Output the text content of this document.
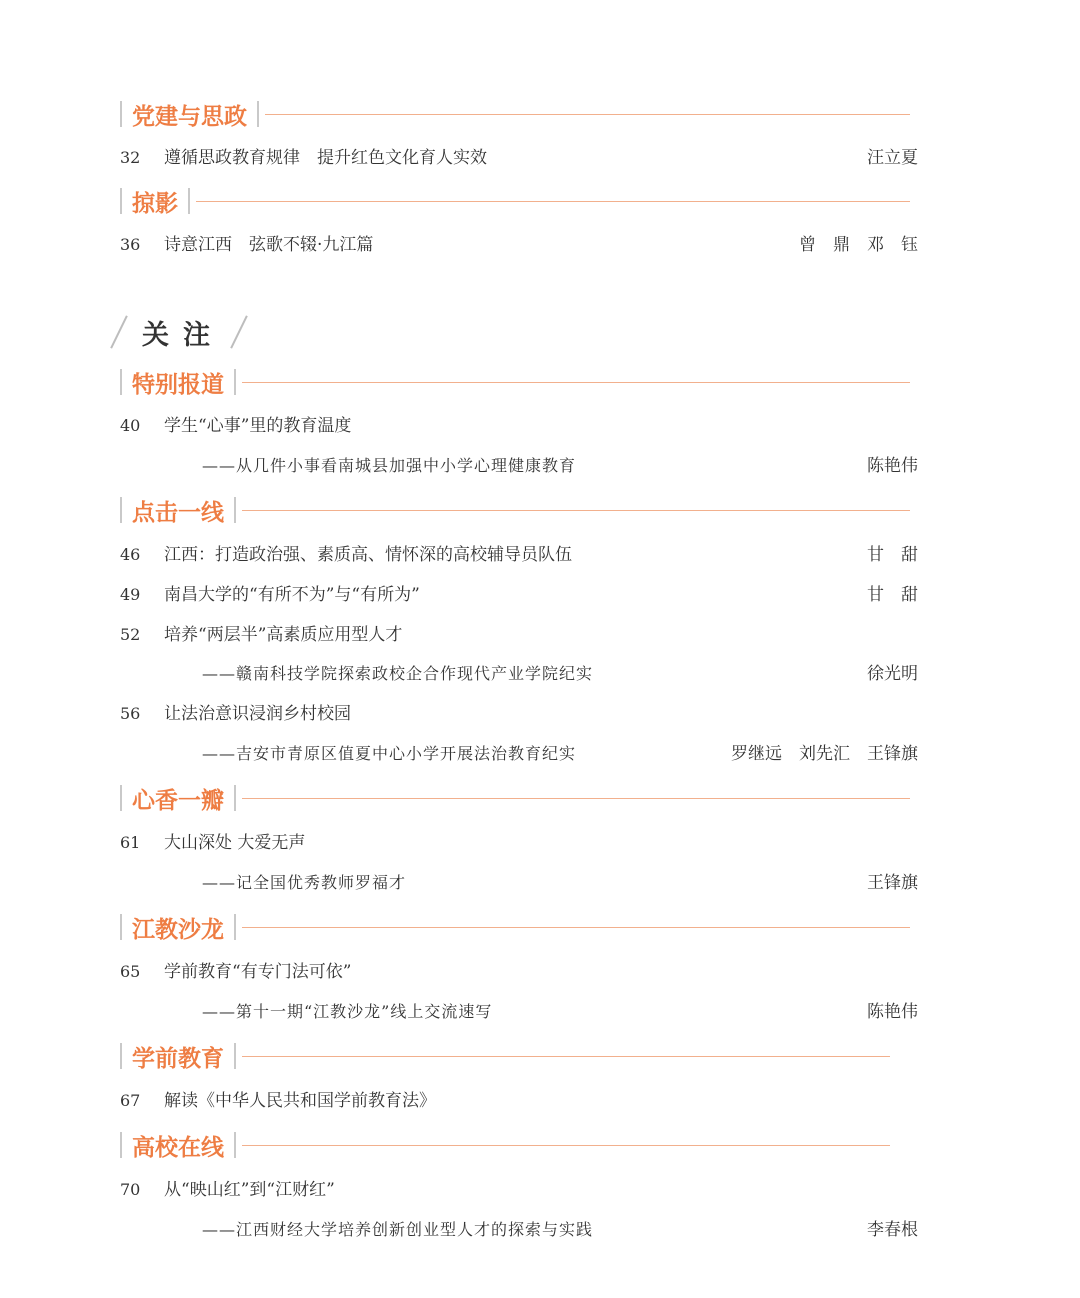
党建与思政
32	遵循思政教育规律　提升红色文化育人实效	汪立夏
掠影
36	诗意江西　弦歌不辍·九江篇	曾　鼎　邓　钰
关注
特别报道
40	学生“心事”里的教育温度
——从几件小事看南城县加强中小学心理健康教育	陈艳伟
点击一线
46	江西：打造政治强、素质高、情怀深的高校辅导员队伍	甘　甜
49	南昌大学的“有所不为”与“有所为”	甘　甜
52	培养“两层半”高素质应用型人才
——赣南科技学院探索政校企合作现代产业学院纪实	徐光明
56	让法治意识浸润乡村校园
——吉安市青原区值夏中心小学开展法治教育纪实	罗继远　刘先汇　王锋旗
心香一瓣
61	大山深处 大爱无声
——记全国优秀教师罗福才	王锋旗
江教沙龙
65	学前教育“有专门法可依”
——第十一期“江教沙龙”线上交流速写	陈艳伟
学前教育
67	解读《中华人民共和国学前教育法》
高校在线
70	从“映山红”到“江财红”
——江西财经大学培养创新创业型人才的探索与实践	李春根
